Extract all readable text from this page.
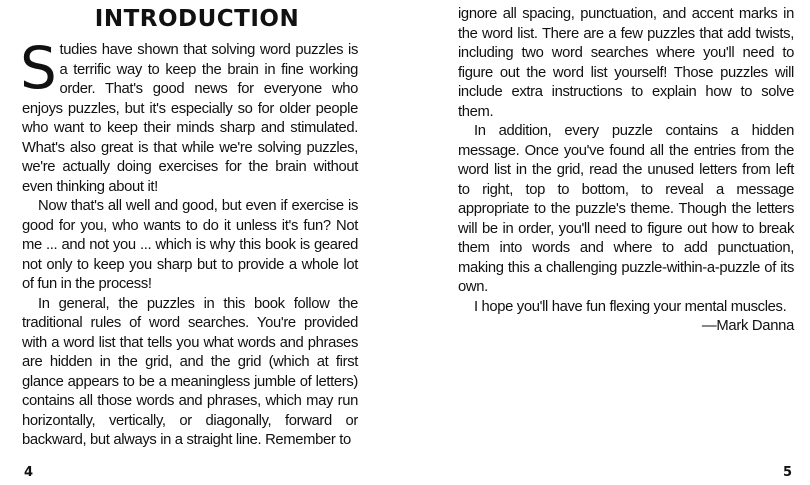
INTRODUCTION

Studies have shown that solving word puzzles is a terrific way to keep the brain in fine working order. That's good news for everyone who enjoys puzzles, but it's especially so for older people who want to keep their minds sharp and stimulated. What's also great is that while we're solving puzzles, we're actually doing exercises for the brain without even thinking about it!

Now that's all well and good, but even if exercise is good for you, who wants to do it unless it's fun? Not me ... and not you ... which is why this book is geared not only to keep you sharp but to provide a whole lot of fun in the process!

In general, the puzzles in this book follow the traditional rules of word searches. You're provided with a word list that tells you what words and phrases are hidden in the grid, and the grid (which at first glance appears to be a meaningless jumble of letters) contains all those words and phrases, which may run horizontally, vertically, or diagonally, forward or backward, but always in a straight line. Remember to

4

ignore all spacing, punctuation, and accent marks in the word list. There are a few puzzles that add twists, including two word searches where you'll need to figure out the word list yourself! Those puzzles will include extra instructions to explain how to solve them.

In addition, every puzzle contains a hidden message. Once you've found all the entries from the word list in the grid, read the unused letters from left to right, top to bottom, to reveal a message appropriate to the puzzle's theme. Though the letters will be in order, you'll need to figure out how to break them into words and where to add punctuation, making this a challenging puzzle-within-a-puzzle of its own.

I hope you'll have fun flexing your mental muscles.

—Mark Danna

5
